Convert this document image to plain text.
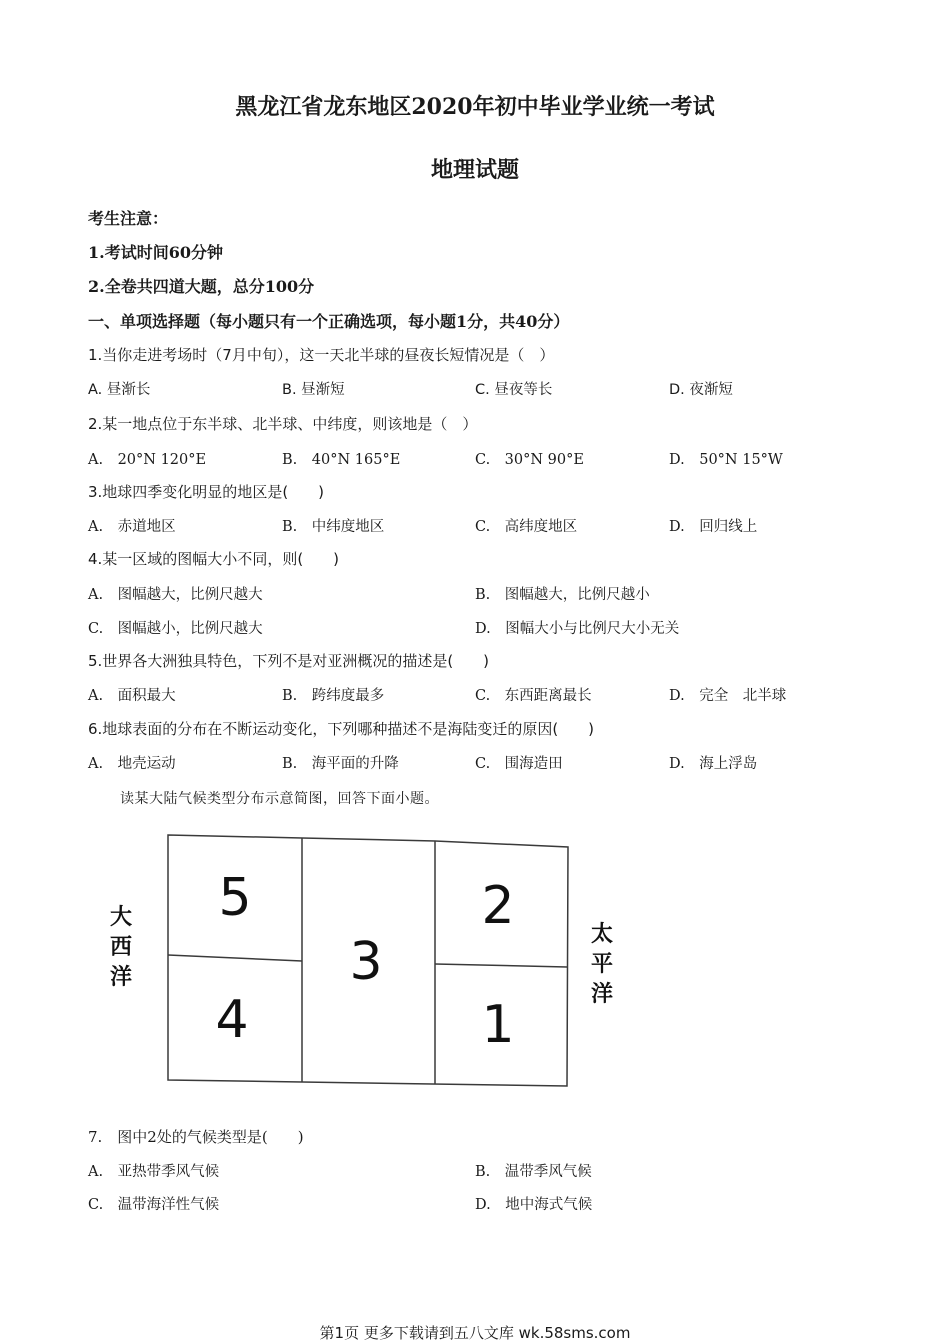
黑龙江省龙东地区2020年初中毕业学业统一考试
地理试题
考生注意：
1.考试时间60分钟
2.全卷共四道大题，总分100分
一、单项选择题（每小题只有一个正确选项，每小题1分，共40分）
1.当你走进考场时（7月中旬），这一天北半球的昼夜长短情况是（　）
A. 昼渐长	B. 昼渐短	C. 昼夜等长	D. 夜渐短
2.某一地点位于东半球、北半球、中纬度，则该地是（　）
A.　20°N 120°E	B.　40°N 165°E	C.　30°N 90°E	D.　50°N 15°W
3.地球四季变化明显的地区是(　　)
A.　赤道地区	B.　中纬度地区	C.　高纬度地区	D.　回归线上
4.某一区域的图幅大小不同，则(　　)
A.　图幅越大，比例尺越大	B.　图幅越大，比例尺越小
C.　图幅越小，比例尺越大	D.　图幅大小与比例尺大小无关
5.世界各大洲独具特色，下列不是对亚洲概况的描述是(　　)
A.　面积最大	B.　跨纬度最多	C.　东西距离最长	D.　完全　北半球
6.地球表面的分布在不断运动变化，下列哪种描述不是海陆变迁的原因(　　)
A.　地壳运动	B.　海平面的升降	C.　围海造田	D.　海上浮岛
读某大陆气候类型分布示意简图，回答下面小题。
5
4
3
2
1
大
西
洋
太
平
洋
7.　图中2处的气候类型是(　　)
A.　亚热带季风气候	B.　温带季风气候
C.　温带海洋性气候	D.　地中海式气候
第1页 更多下载请到五八文库 wk.58sms.com
